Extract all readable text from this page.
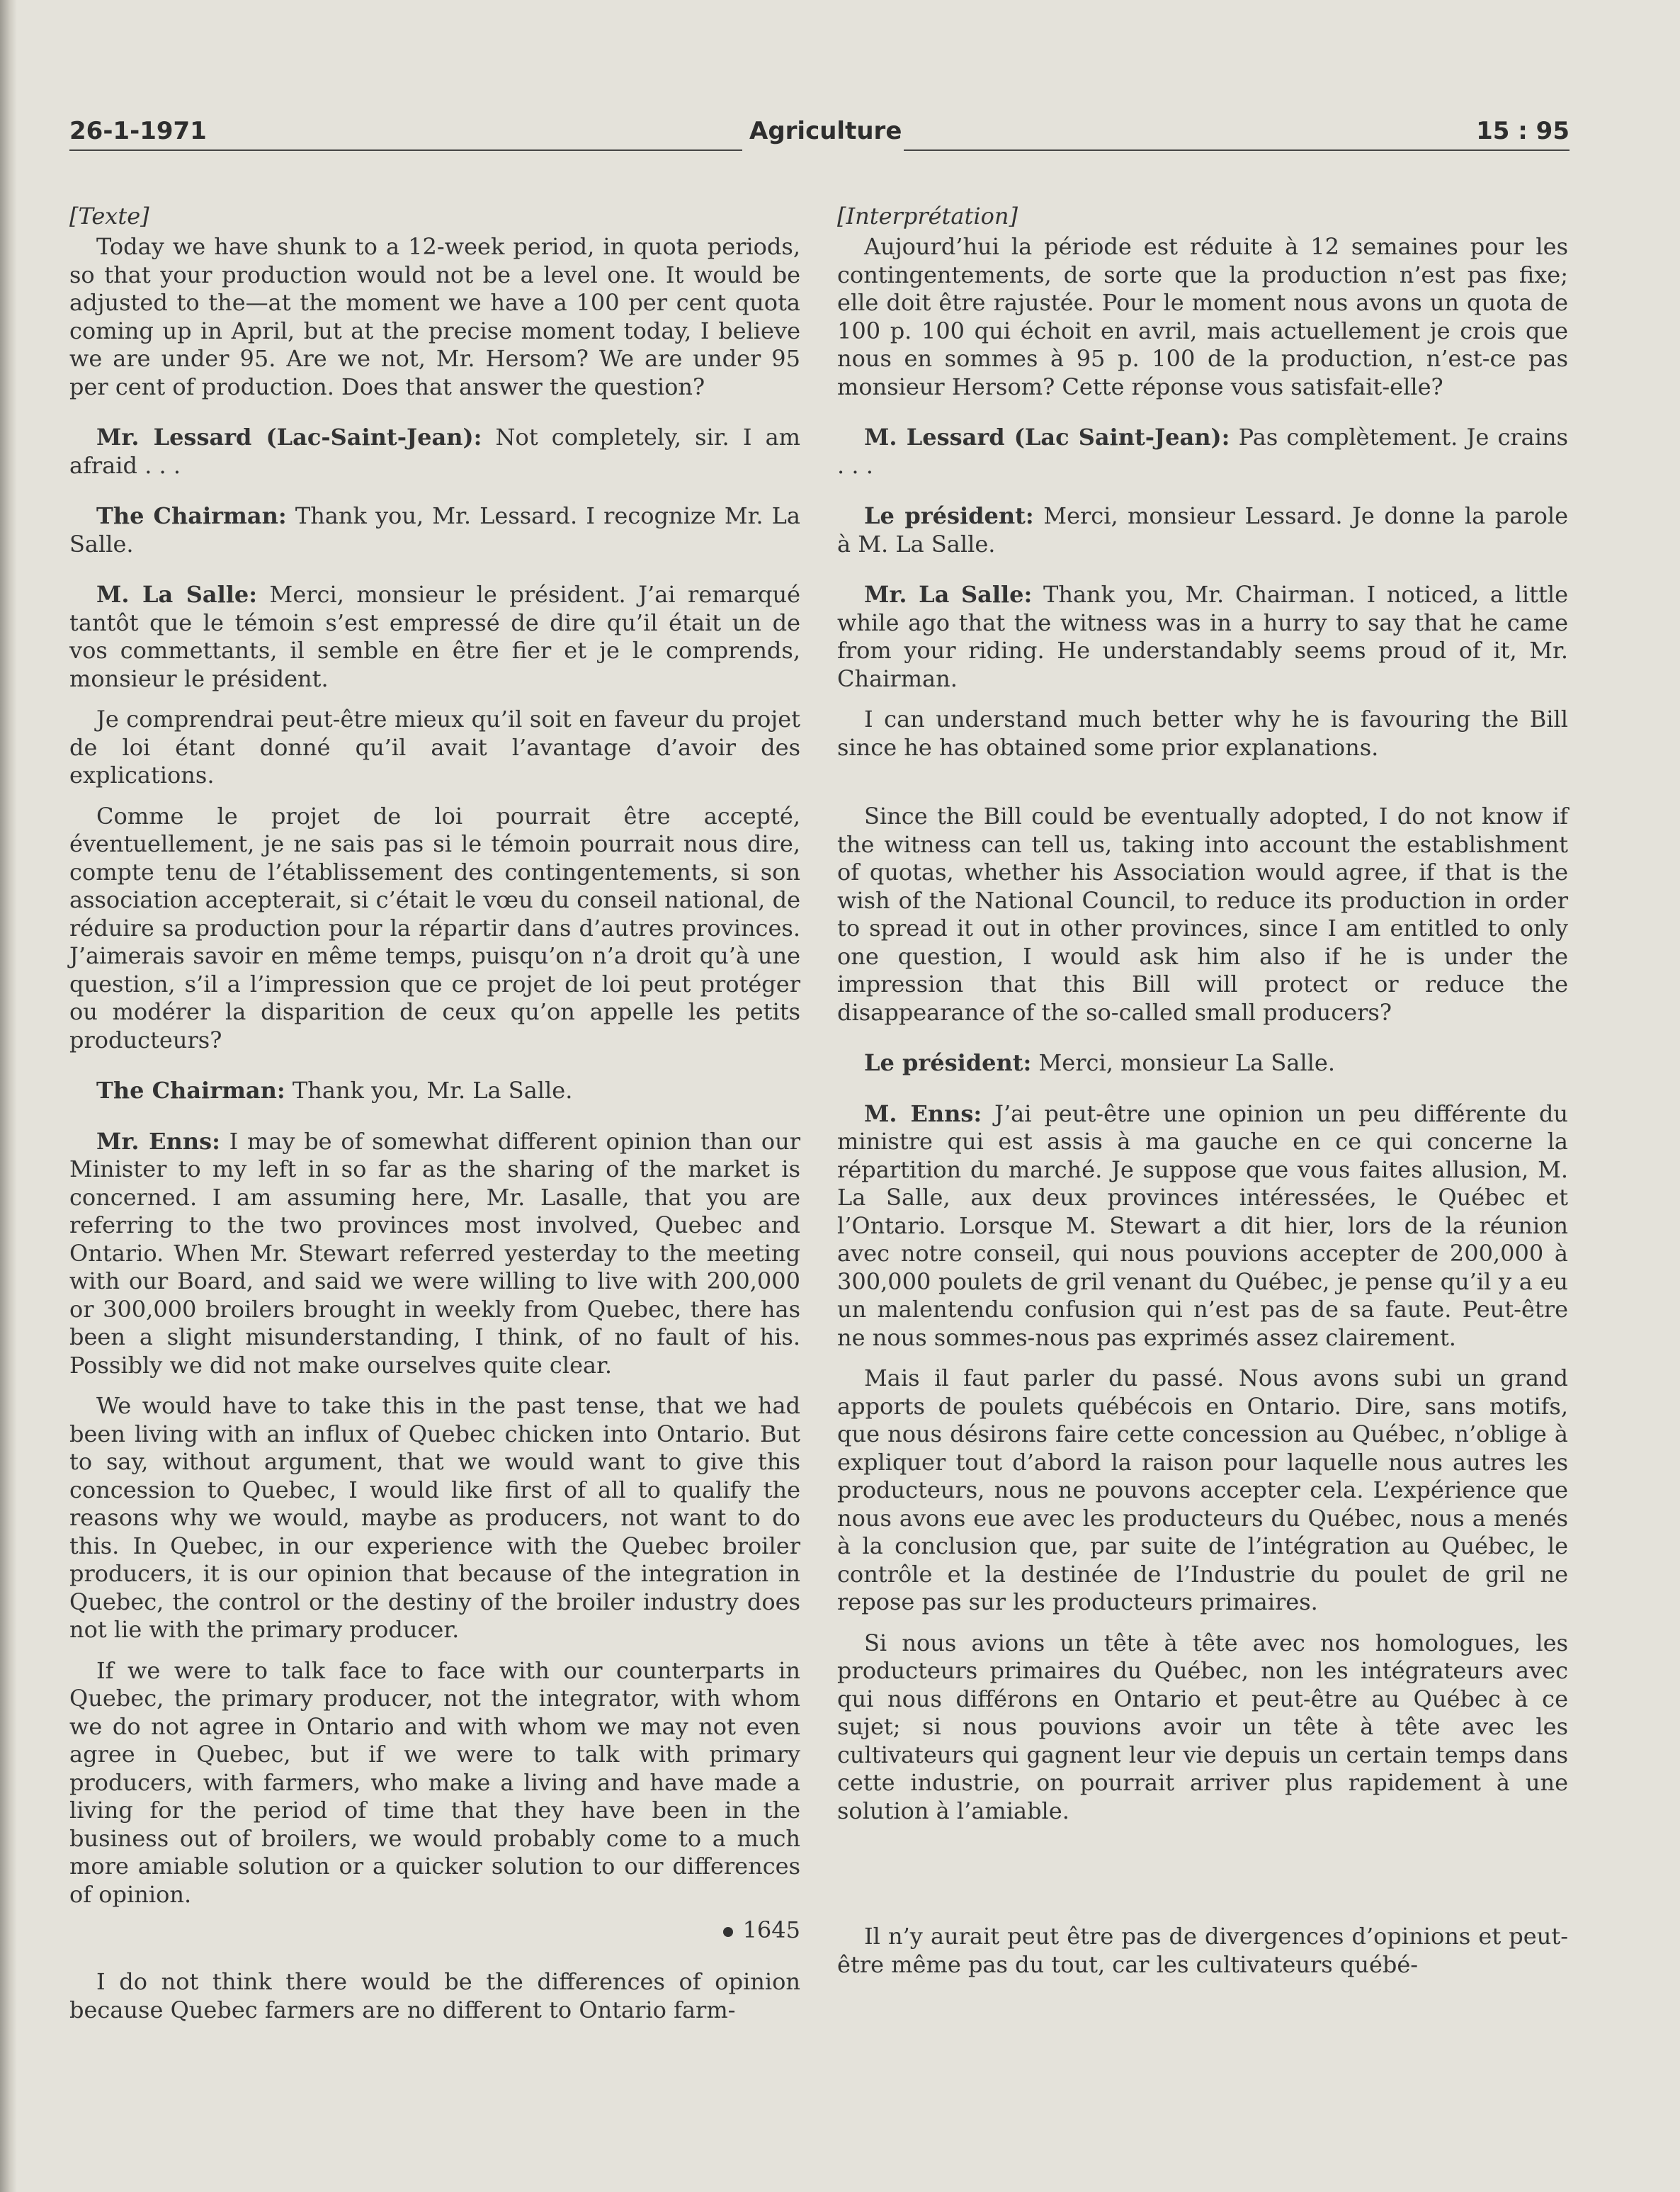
26-1-1971	Agriculture	15 : 95
[Texte]

Today we have shunk to a 12-week period, in quota periods, so that your production would not be a level one. It would be adjusted to the—at the moment we have a 100 per cent quota coming up in April, but at the precise moment today, I believe we are under 95. Are we not, Mr. Hersom? We are under 95 per cent of production. Does that answer the question?

Mr. Lessard (Lac-Saint-Jean): Not completely, sir. I am afraid . . .

The Chairman: Thank you, Mr. Lessard. I recognize Mr. La Salle.

M. La Salle: Merci, monsieur le président. J’ai remarqué tantôt que le témoin s’est empressé de dire qu’il était un de vos commettants, il semble en être fier et je le comprends, monsieur le président.

Je comprendrai peut-être mieux qu’il soit en faveur du projet de loi étant donné qu’il avait l’avantage d’avoir des explications.

Comme le projet de loi pourrait être accepté, éventuellement, je ne sais pas si le témoin pourrait nous dire, compte tenu de l’établissement des contingentements, si son association accepterait, si c’était le vœu du conseil national, de réduire sa production pour la répartir dans d’autres provinces. J’aimerais savoir en même temps, puisqu’on n’a droit qu’à une question, s’il a l’impression que ce projet de loi peut protéger ou modérer la disparition de ceux qu’on appelle les petits producteurs?

The Chairman: Thank you, Mr. La Salle.

Mr. Enns: I may be of somewhat different opinion than our Minister to my left in so far as the sharing of the market is concerned. I am assuming here, Mr. Lasalle, that you are referring to the two provinces most involved, Quebec and Ontario. When Mr. Stewart referred yesterday to the meeting with our Board, and said we were willing to live with 200,000 or 300,000 broilers brought in weekly from Quebec, there has been a slight misunderstanding, I think, of no fault of his. Possibly we did not make ourselves quite clear.

We would have to take this in the past tense, that we had been living with an influx of Quebec chicken into Ontario. But to say, without argument, that we would want to give this concession to Quebec, I would like first of all to qualify the reasons why we would, maybe as producers, not want to do this. In Quebec, in our experience with the Quebec broiler producers, it is our opinion that because of the integration in Quebec, the control or the destiny of the broiler industry does not lie with the primary producer.

If we were to talk face to face with our counterparts in Quebec, the primary producer, not the integrator, with whom we do not agree in Ontario and with whom we may not even agree in Quebec, but if we were to talk with primary producers, with farmers, who make a living and have made a living for the period of time that they have been in the business out of broilers, we would probably come to a much more amiable solution or a quicker solution to our differences of opinion.

1645

I do not think there would be the differences of opinion because Quebec farmers are no different to Ontario farm-

[Interprétation]

Aujourd’hui la période est réduite à 12 semaines pour les contingentements, de sorte que la production n’est pas fixe; elle doit être rajustée. Pour le moment nous avons un quota de 100 p. 100 qui échoit en avril, mais actuellement je crois que nous en sommes à 95 p. 100 de la production, n’est-ce pas monsieur Hersom? Cette réponse vous satisfait-elle?

M. Lessard (Lac Saint-Jean): Pas complètement. Je crains . . .

Le président: Merci, monsieur Lessard. Je donne la parole à M. La Salle.

Mr. La Salle: Thank you, Mr. Chairman. I noticed, a little while ago that the witness was in a hurry to say that he came from your riding. He understandably seems proud of it, Mr. Chairman.

I can understand much better why he is favouring the Bill since he has obtained some prior explanations.

Since the Bill could be eventually adopted, I do not know if the witness can tell us, taking into account the establishment of quotas, whether his Association would agree, if that is the wish of the National Council, to reduce its production in order to spread it out in other provinces, since I am entitled to only one question, I would ask him also if he is under the impression that this Bill will protect or reduce the disappearance of the so-called small producers?

Le président: Merci, monsieur La Salle.

M. Enns: J’ai peut-être une opinion un peu différente du ministre qui est assis à ma gauche en ce qui concerne la répartition du marché. Je suppose que vous faites allusion, M. La Salle, aux deux provinces intéressées, le Québec et l’Ontario. Lorsque M. Stewart a dit hier, lors de la réunion avec notre conseil, qui nous pouvions accepter de 200,000 à 300,000 poulets de gril venant du Québec, je pense qu’il y a eu un malentendu confusion qui n’est pas de sa faute. Peut-être ne nous sommes-nous pas exprimés assez clairement.

Mais il faut parler du passé. Nous avons subi un grand apports de poulets québécois en Ontario. Dire, sans motifs, que nous désirons faire cette concession au Québec, n’oblige à expliquer tout d’abord la raison pour laquelle nous autres les producteurs, nous ne pouvons accepter cela. L’expérience que nous avons eue avec les producteurs du Québec, nous a menés à la conclusion que, par suite de l’intégration au Québec, le contrôle et la destinée de l’Industrie du poulet de gril ne repose pas sur les producteurs primaires.

Si nous avions un tête à tête avec nos homologues, les producteurs primaires du Québec, non les intégrateurs avec qui nous différons en Ontario et peut-être au Québec à ce sujet; si nous pouvions avoir un tête à tête avec les cultivateurs qui gagnent leur vie depuis un certain temps dans cette industrie, on pourrait arriver plus rapidement à une solution à l’amiable.

Il n’y aurait peut être pas de divergences d’opinions et peut-être même pas du tout, car les cultivateurs québé-
